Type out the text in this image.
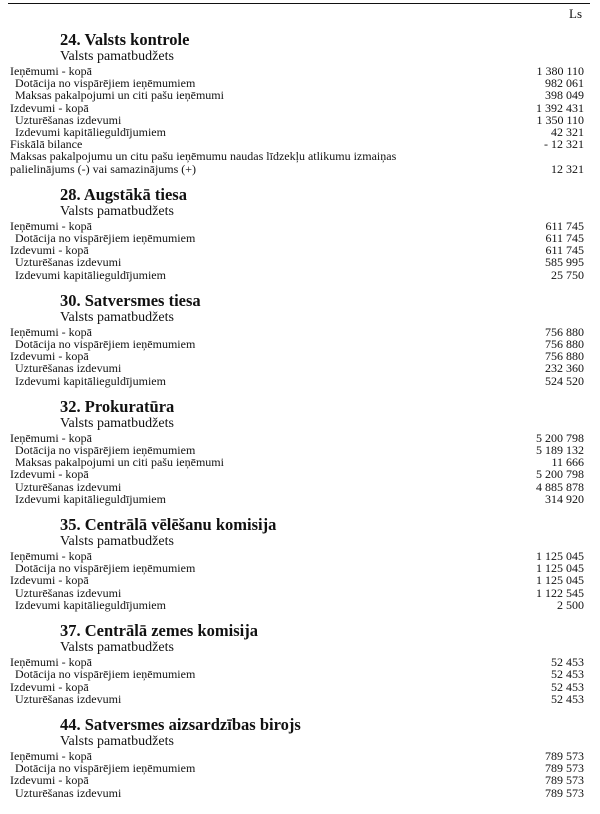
Ls
24. Valsts kontrole
Valsts pamatbudžets
Ieņēmumi - kopā	1 380 110
Dotācija no vispārējiem ieņēmumiem	982 061
Maksas pakalpojumi un citi pašu ieņēmumi	398 049
Izdevumi - kopā	1 392 431
Uzturēšanas izdevumi	1 350 110
Izdevumi kapitālieguldījumiem	42 321
Fiskālā bilance	- 12 321
Maksas pakalpojumu un citu pašu ieņēmumu naudas līdzekļu atlikumu izmaiņas
palielinājums (-) vai samazinājums (+)	12 321
28. Augstākā tiesa
Valsts pamatbudžets
Ieņēmumi - kopā	611 745
Dotācija no vispārējiem ieņēmumiem	611 745
Izdevumi - kopā	611 745
Uzturēšanas izdevumi	585 995
Izdevumi kapitālieguldījumiem	25 750
30. Satversmes tiesa
Valsts pamatbudžets
Ieņēmumi - kopā	756 880
Dotācija no vispārējiem ieņēmumiem	756 880
Izdevumi - kopā	756 880
Uzturēšanas izdevumi	232 360
Izdevumi kapitālieguldījumiem	524 520
32. Prokuratūra
Valsts pamatbudžets
Ieņēmumi - kopā	5 200 798
Dotācija no vispārējiem ieņēmumiem	5 189 132
Maksas pakalpojumi un citi pašu ieņēmumi	11 666
Izdevumi - kopā	5 200 798
Uzturēšanas izdevumi	4 885 878
Izdevumi kapitālieguldījumiem	314 920
35. Centrālā vēlēšanu komisija
Valsts pamatbudžets
Ieņēmumi - kopā	1 125 045
Dotācija no vispārējiem ieņēmumiem	1 125 045
Izdevumi - kopā	1 125 045
Uzturēšanas izdevumi	1 122 545
Izdevumi kapitālieguldījumiem	2 500
37. Centrālā zemes komisija
Valsts pamatbudžets
Ieņēmumi - kopā	52 453
Dotācija no vispārējiem ieņēmumiem	52 453
Izdevumi - kopā	52 453
Uzturēšanas izdevumi	52 453
44. Satversmes aizsardzības birojs
Valsts pamatbudžets
Ieņēmumi - kopā	789 573
Dotācija no vispārējiem ieņēmumiem	789 573
Izdevumi - kopā	789 573
Uzturēšanas izdevumi	789 573
